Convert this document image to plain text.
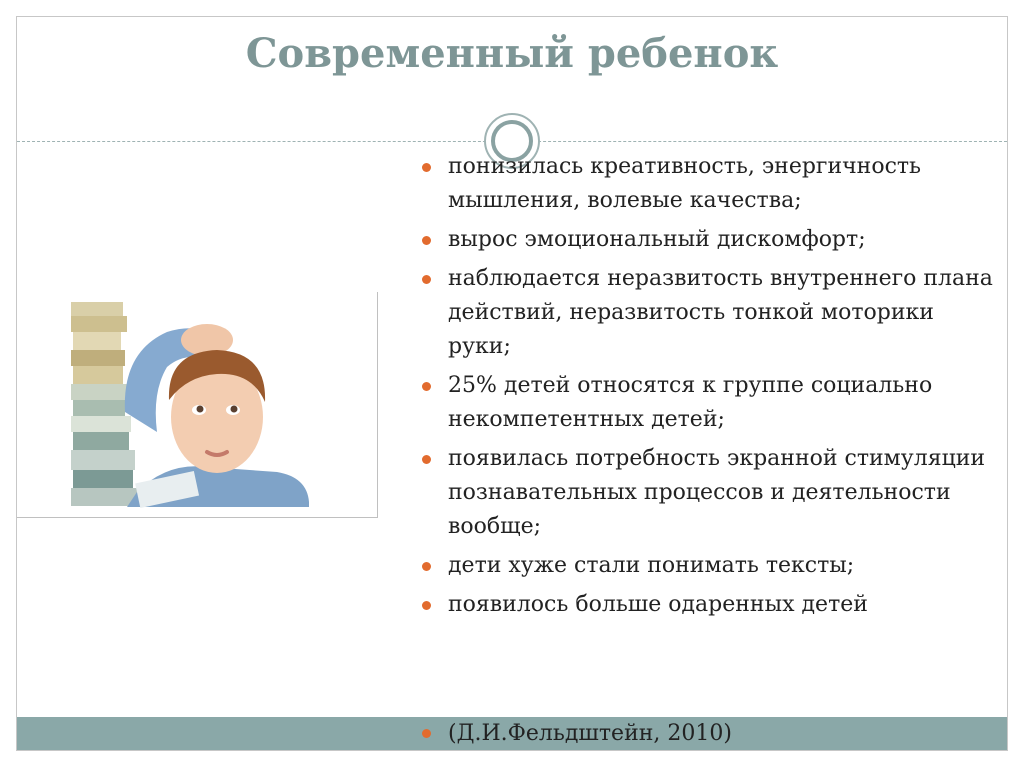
Современный ребенок
понизилась креативность, энергичность мышления, волевые качества;
вырос эмоциональный дискомфорт;
наблюдается неразвитость внутреннего плана действий, неразвитость тонкой моторики руки;
25% детей относятся к группе социально некомпетентных детей;
появилась потребность экранной стимуляции познавательных процессов и деятельности вообще;
дети хуже стали понимать тексты;
появилось больше одаренных детей
(Д.И.Фельдштейн, 2010)
